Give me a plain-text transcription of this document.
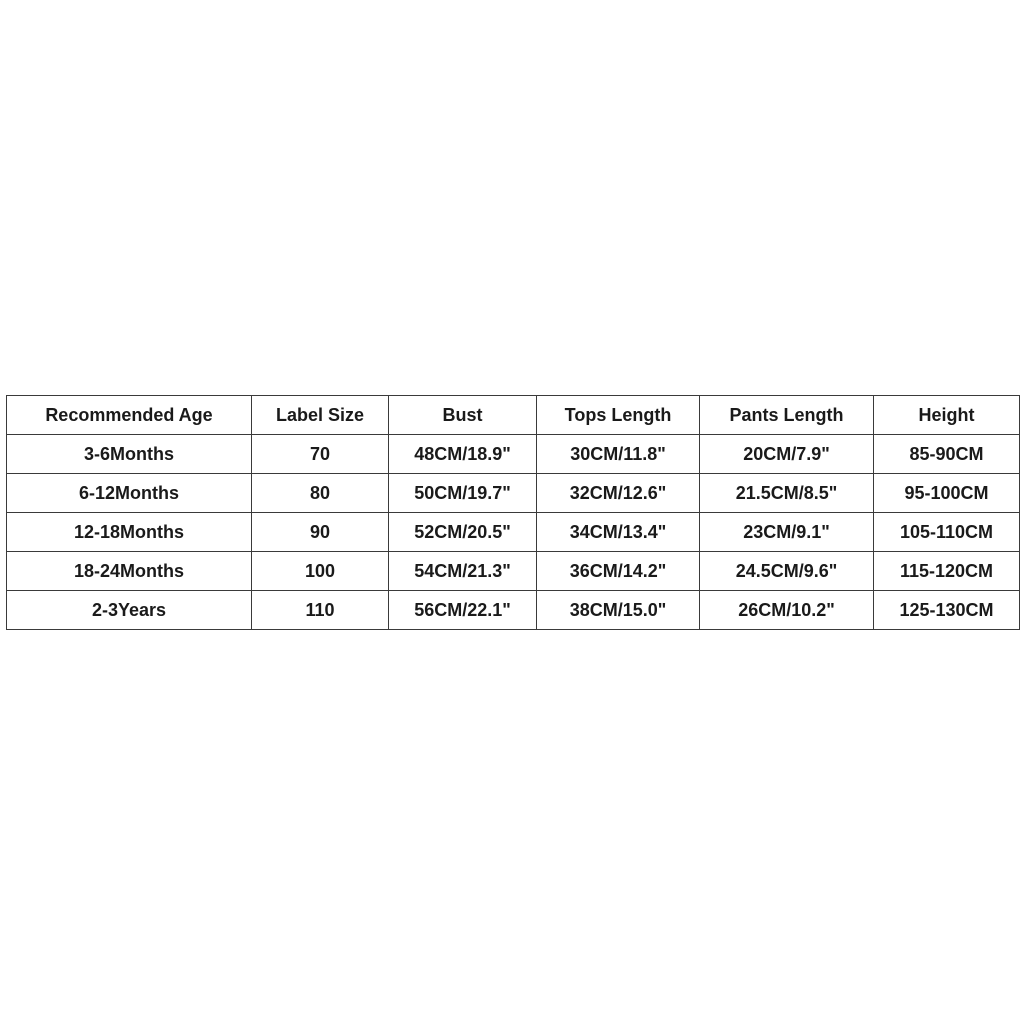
Recommended Age	Label Size	Bust	Tops Length	Pants Length	Height
3-6Months	70	48CM/18.9"	30CM/11.8"	20CM/7.9"	85-90CM
6-12Months	80	50CM/19.7"	32CM/12.6"	21.5CM/8.5"	95-100CM
12-18Months	90	52CM/20.5"	34CM/13.4"	23CM/9.1"	105-110CM
18-24Months	100	54CM/21.3"	36CM/14.2"	24.5CM/9.6"	115-120CM
2-3Years	110	56CM/22.1"	38CM/15.0"	26CM/10.2"	125-130CM
